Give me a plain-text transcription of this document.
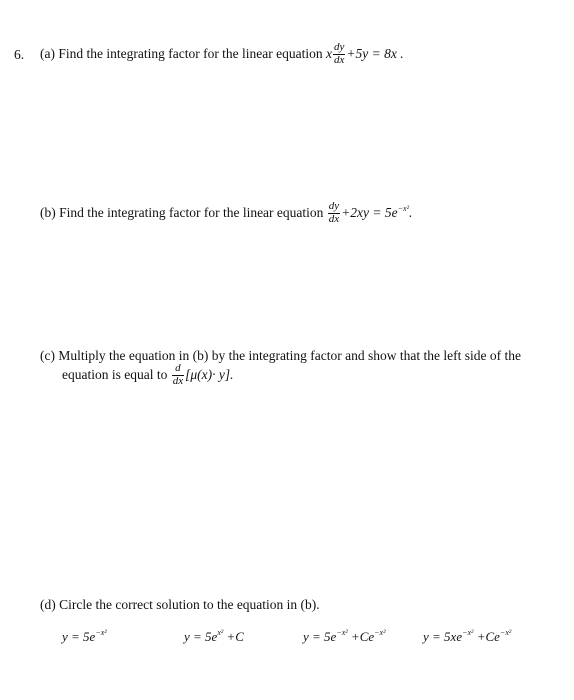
6. (a) Find the integrating factor for the linear equation x $\frac{dy}{dx} +5y = 8x$ .
(b) Find the integrating factor for the linear equation $\frac{dy}{dx} +2xy = 5e^{-x^2}$.
(c) Multiply the equation in (b) by the integrating factor and show that the left side of the
equation is equal to $\frac{d}{dx} [\mu(x)\cdot y]$.
(d) Circle the correct solution to the equation in (b).
$y = 5e^{-x^2}$	$y = 5e^{x^2} +C$	$y = 5e^{-x^2} +Ce^{-x^2}$	$y = 5xe^{-x^2} +Ce^{-x^2}$
